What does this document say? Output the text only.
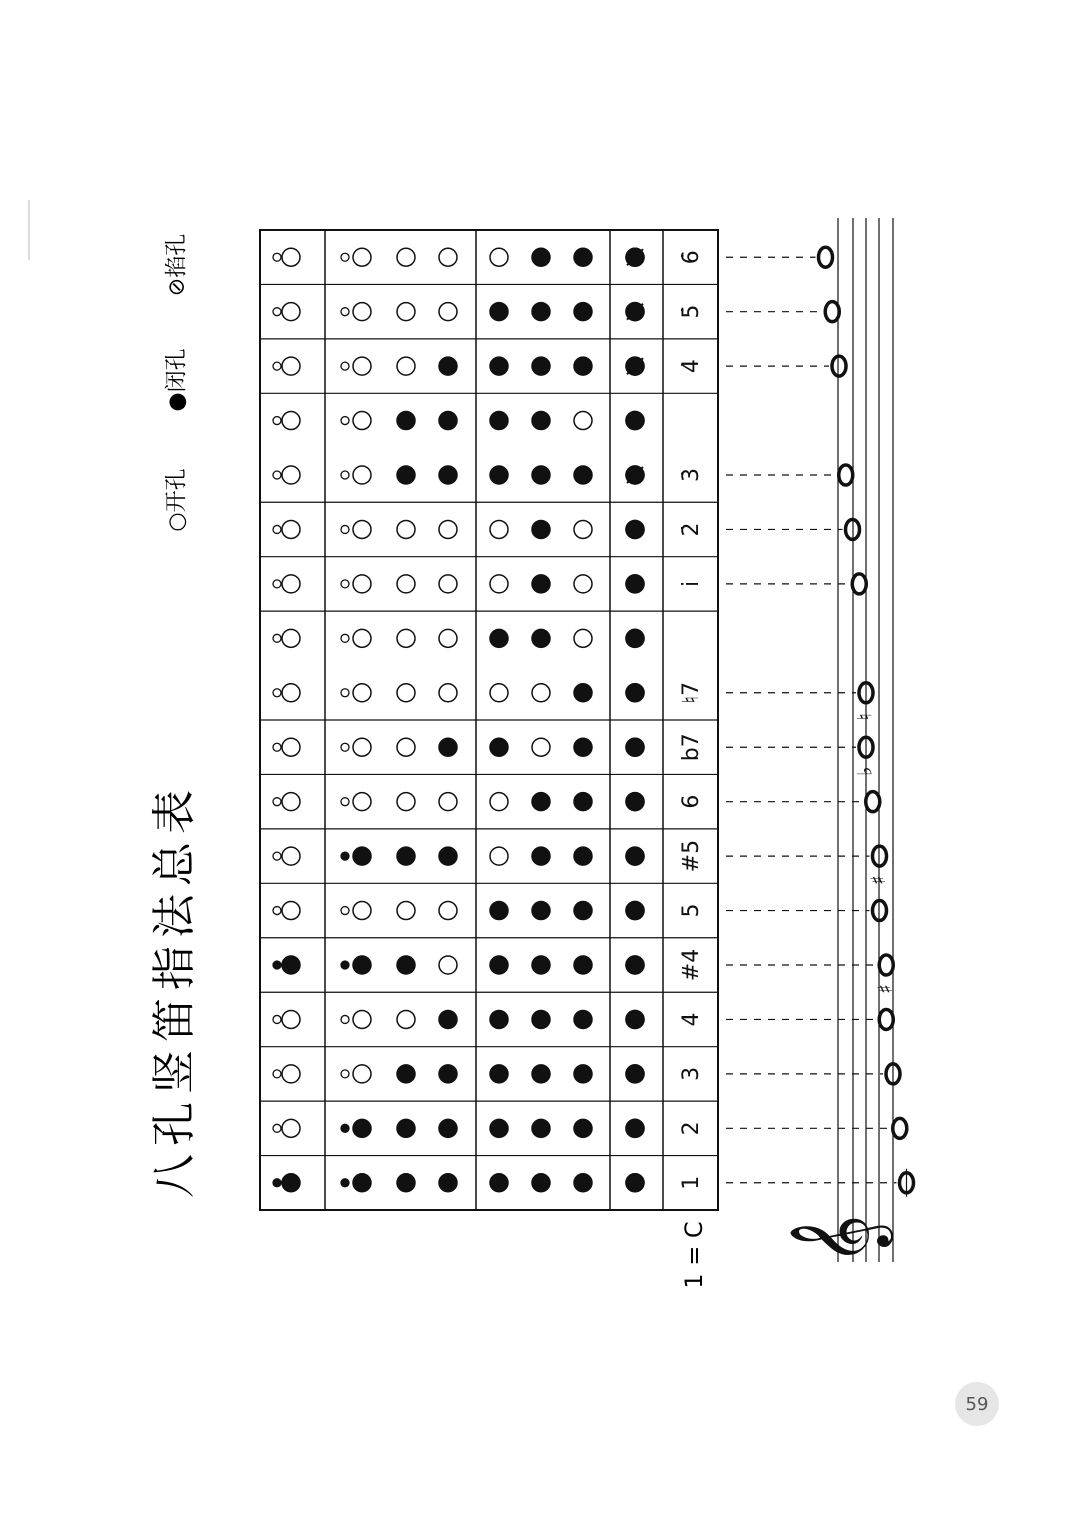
八孔竖笛指法总表
○开孔
●闭孔
⊘掐孔
1 = C 𝄞
1
2
3
4
#4
♯
5
#5
♯
6
b7
♭
♮7
♮
i
2̇
3̇
4̇
5̇
6̇
59
